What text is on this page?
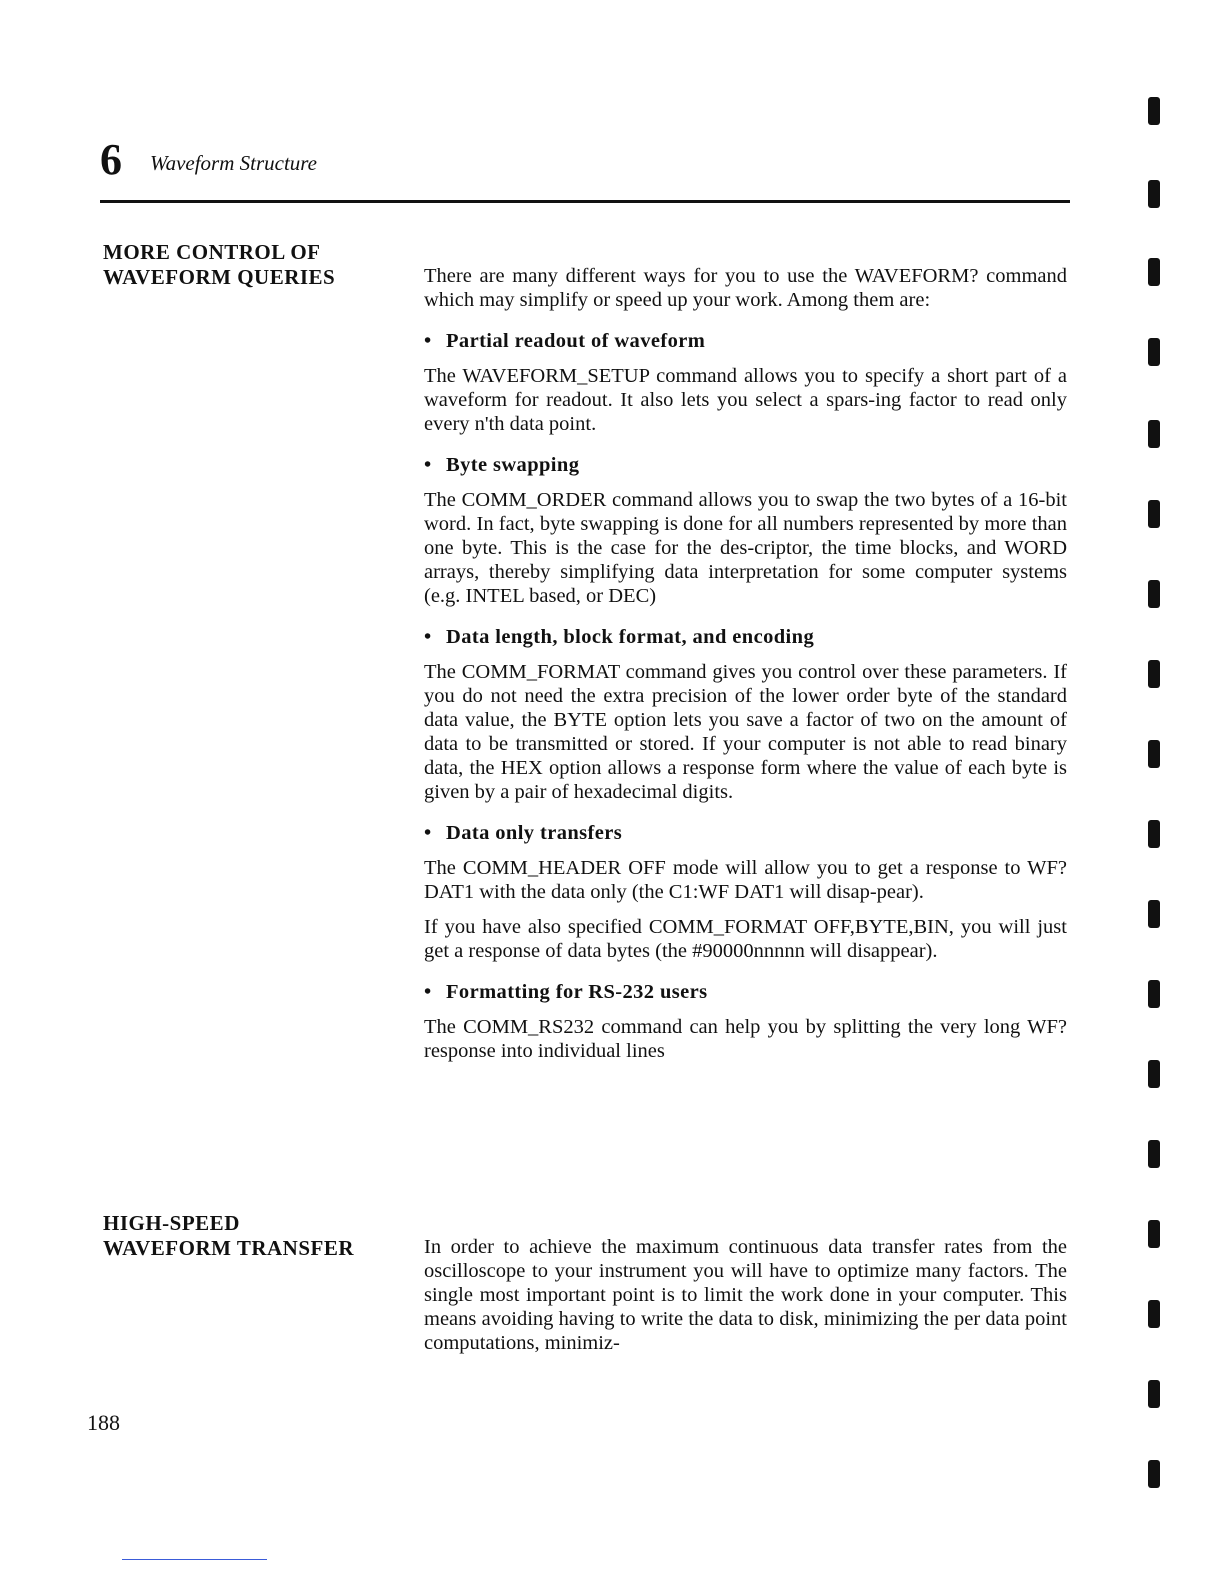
6 Waveform Structure
MORE CONTROL OF
WAVEFORM QUERIES	There are many different ways for you to use the WAVEFORM? command which may simplify or speed up your work. Among them are:

• Partial readout of waveform

The WAVEFORM_SETUP command allows you to specify a short part of a waveform for readout. It also lets you select a spars-ing factor to read only every n'th data point.

• Byte swapping

The COMM_ORDER command allows you to swap the two bytes of a 16-bit word. In fact, byte swapping is done for all numbers represented by more than one byte. This is the case for the des-criptor, the time blocks, and WORD arrays, thereby simplifying data interpretation for some computer systems (e.g. INTEL based, or DEC)

• Data length, block format, and encoding

The COMM_FORMAT command gives you control over these parameters. If you do not need the extra precision of the lower order byte of the standard data value, the BYTE option lets you save a factor of two on the amount of data to be transmitted or stored. If your computer is not able to read binary data, the HEX option allows a response form where the value of each byte is given by a pair of hexadecimal digits.

• Data only transfers

The COMM_HEADER OFF mode will allow you to get a response to WF? DAT1 with the data only (the C1:WF DAT1 will disap-pear).

If you have also specified COMM_FORMAT OFF,BYTE,BIN, you will just get a response of data bytes (the #90000nnnnn will disappear).

• Formatting for RS-232 users

The COMM_RS232 command can help you by splitting the very long WF? response into individual lines

HIGH-SPEED
WAVEFORM TRANSFER	In order to achieve the maximum continuous data transfer rates from the oscilloscope to your instrument you will have to optimize many factors. The single most important point is to limit the work done in your computer. This means avoiding having to write the data to disk, minimizing the per data point computations, minimiz-

188
